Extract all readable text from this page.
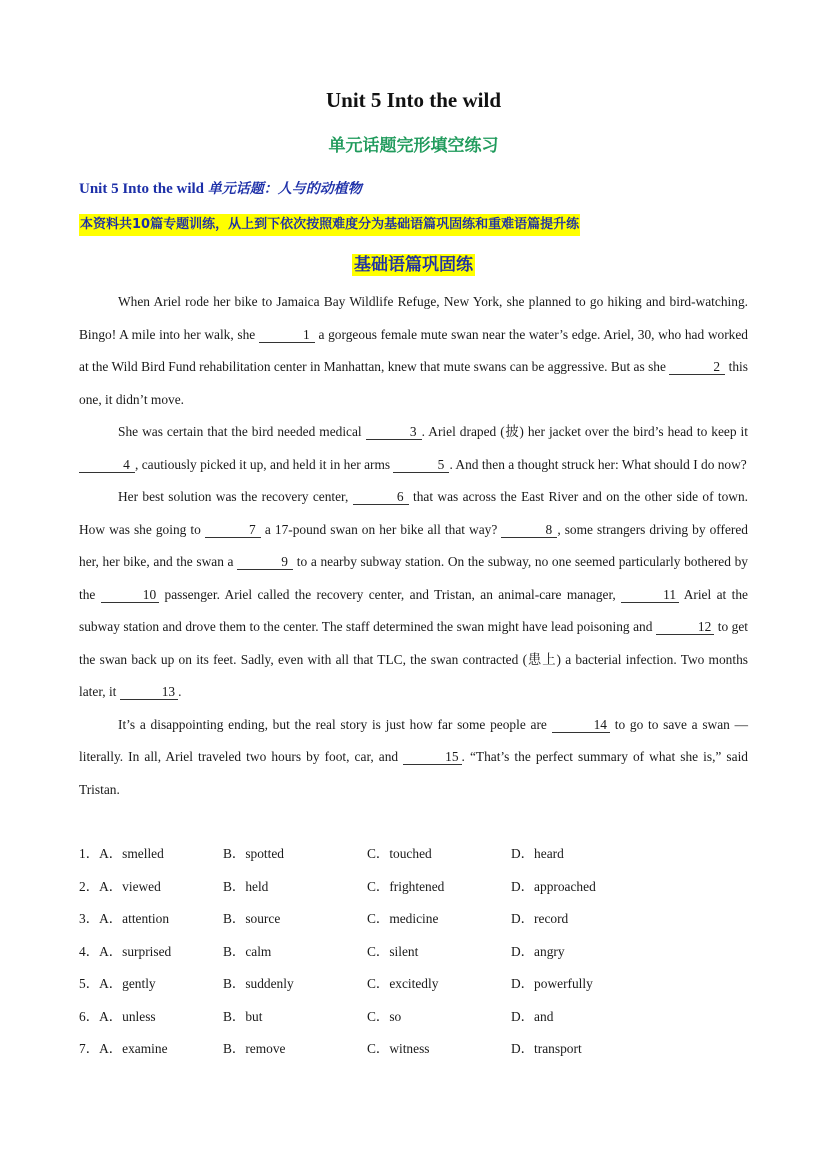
Unit 5 Into the wild
单元话题完形填空练习
Unit 5 Into the wild 单元话题：人与的动植物
本资料共10篇专题训练，从上到下依次按照难度分为基础语篇巩固练和重难语篇提升练
基础语篇巩固练

When Ariel rode her bike to Jamaica Bay Wildlife Refuge, New York, she planned to go hiking and bird-watching. Bingo! A mile into her walk, she	1 a gorgeous female mute swan near the water’s edge. Ariel, 30, who had worked at the Wild Bird Fund rehabilitation center in Manhattan, knew that mute swans can be aggressive. But as she	2 this one, it didn’t move.

She was certain that the bird needed medical	3 . Ariel draped (披) her jacket over the bird’s head to keep it 4 , cautiously picked it up, and held it in her arms	5 . And then a thought struck her: What should I do now?

Her best solution was the recovery center,	6 that was across the East River and on the other side of town. How was she going to	7 a 17-pound swan on her bike all that way?	8 , some strangers driving by offered her, her bike, and the swan a	9 to a nearby subway station. On the subway, no one seemed particularly bothered by the	10 passenger. Ariel called the recovery center, and Tristan, an animal-care manager,	11 Ariel at the subway station and drove them to the center. The staff determined the swan might have lead poisoning and	12 to get the swan back up on its feet. Sadly, even with all that TLC, the swan contracted (患上) a bacterial infection. Two months later, it	13 .

It’s a disappointing ending, but the real story is just how far some people are	14 to go to save a swan — literally. In all, Ariel traveled two hours by foot, car, and	15 . “That’s the perfect summary of what she is,” said Tristan.

1．A．smelled	B．spotted	C．touched	D．heard
2．A．viewed	B．held	C．frightened	D．approached
3．A．attention	B．source	C．medicine	D．record
4．A．surprised	B．calm	C．silent	D．angry
5．A．gently	B．suddenly	C．excitedly	D．powerfully
6．A．unless	B．but	C．so	D．and
7．A．examine	B．remove	C．witness	D．transport
